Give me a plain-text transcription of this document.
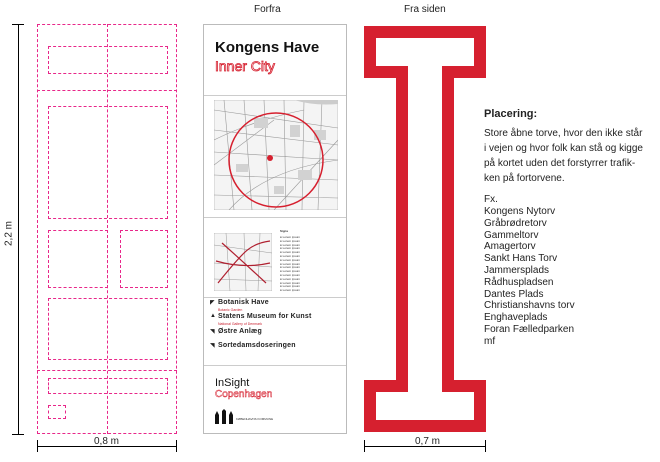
Forfra	Fra siden
2,2 m
0,8 m
Kongens Have
Inner City
Signs
◤ Botanisk Have
Botanic Garden
▲ Statens Museum for Kunst
National Gallery of Denmark
◥ Østre Anlæg
◥ Sortedamsdoseringen
InSight
Copenhagen
KØBENHAVNS KOMMUNE
● Lorem ipsum
● Lorem ipsum
● Lorem ipsum
● Lorem ipsum
● Lorem ipsum
● Lorem ipsum
● Lorem ipsum
● Lorem ipsum
● Lorem ipsum
● Lorem ipsum
● Lorem ipsum
● Lorem ipsum
● Lorem ipsum
● Lorem ipsum
● Lorem ipsum
0,7 m
Placering:
Store åbne torve, hvor den ikke står
i vejen og hvor folk kan stå og kigge
på kortet uden det forstyrrer trafik-
ken på fortorvene.
Fx.
Kongens Nytorv
Gråbrødretorv
Gammeltorv
Amagertorv
Sankt Hans Torv
Jammersplads
Rådhuspladsen
Dantes Plads
Christianshavns torv
Enghaveplads
Foran Fælledparken
mf
